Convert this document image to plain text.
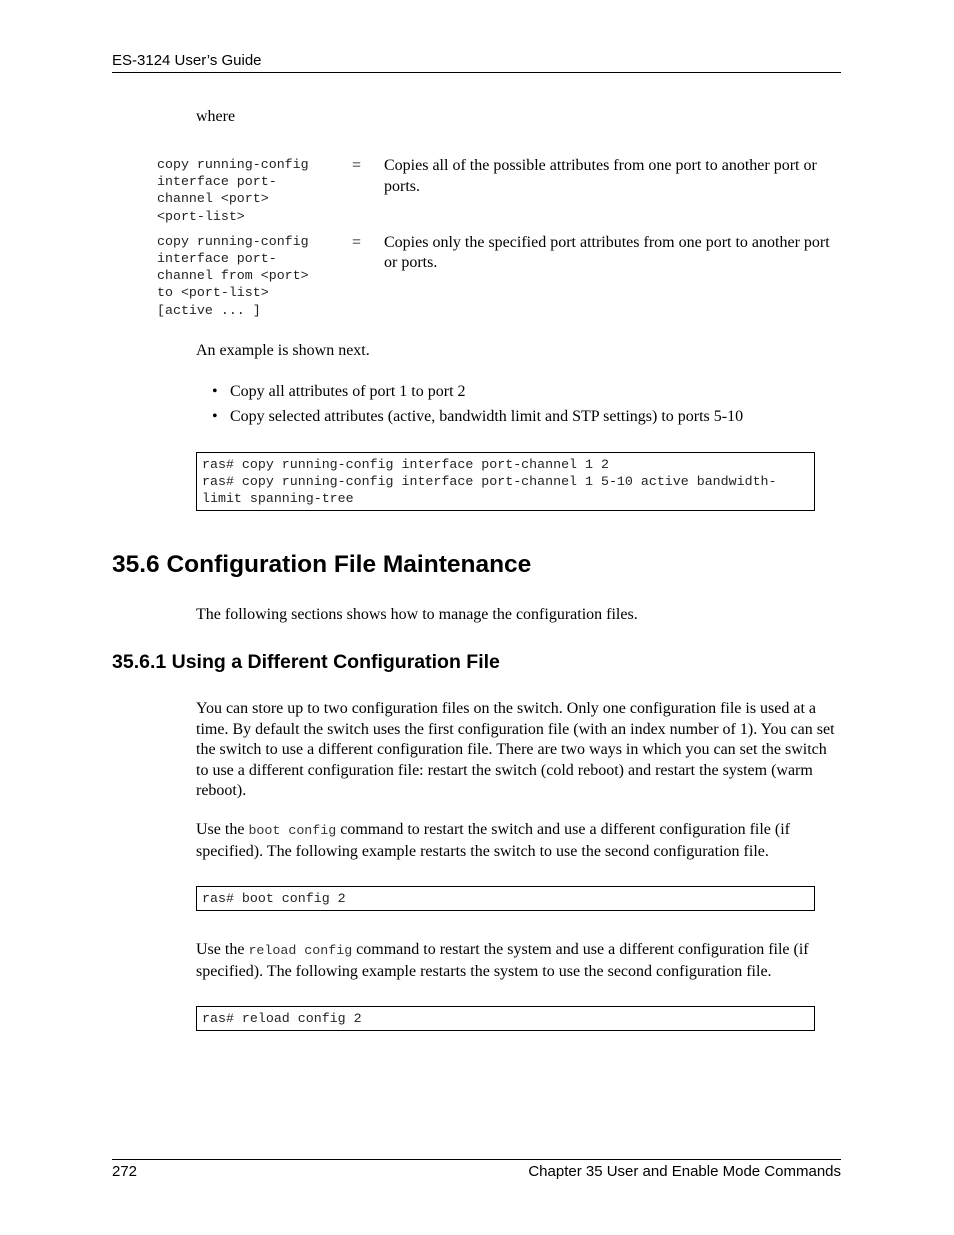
ES-3124 User’s Guide

where

copy running-config
interface port-
channel <port>
<port-list>
=	Copies all of the possible attributes from one port to another port or ports.
copy running-config
interface port-
channel from <port>
to <port-list>
[active ... ]
=	Copies only the specified port attributes from one port to another port or ports.

An example is shown next.

• Copy all attributes of port 1 to port 2
• Copy selected attributes (active, bandwidth limit and STP settings) to ports 5-10
ras# copy running-config interface port-channel 1 2
ras# copy running-config interface port-channel 1 5-10 active bandwidth-
limit spanning-tree
35.6 Configuration File Maintenance

The following sections shows how to manage the configuration files.

35.6.1 Using a Different Configuration File

You can store up to two configuration files on the switch. Only one configuration file is used at a time. By default the switch uses the first configuration file (with an index number of 1). You can set the switch to use a different configuration file. There are two ways in which you can set the switch to use a different configuration file: restart the switch (cold reboot) and restart the system (warm reboot).

Use the boot config command to restart the switch and use a different configuration file (if specified). The following example restarts the switch to use the second configuration file.

ras# boot config 2

Use the reload config command to restart the system and use a different configuration file (if specified). The following example restarts the system to use the second configuration file.

ras# reload config 2
272	Chapter 35 User and Enable Mode Commands
